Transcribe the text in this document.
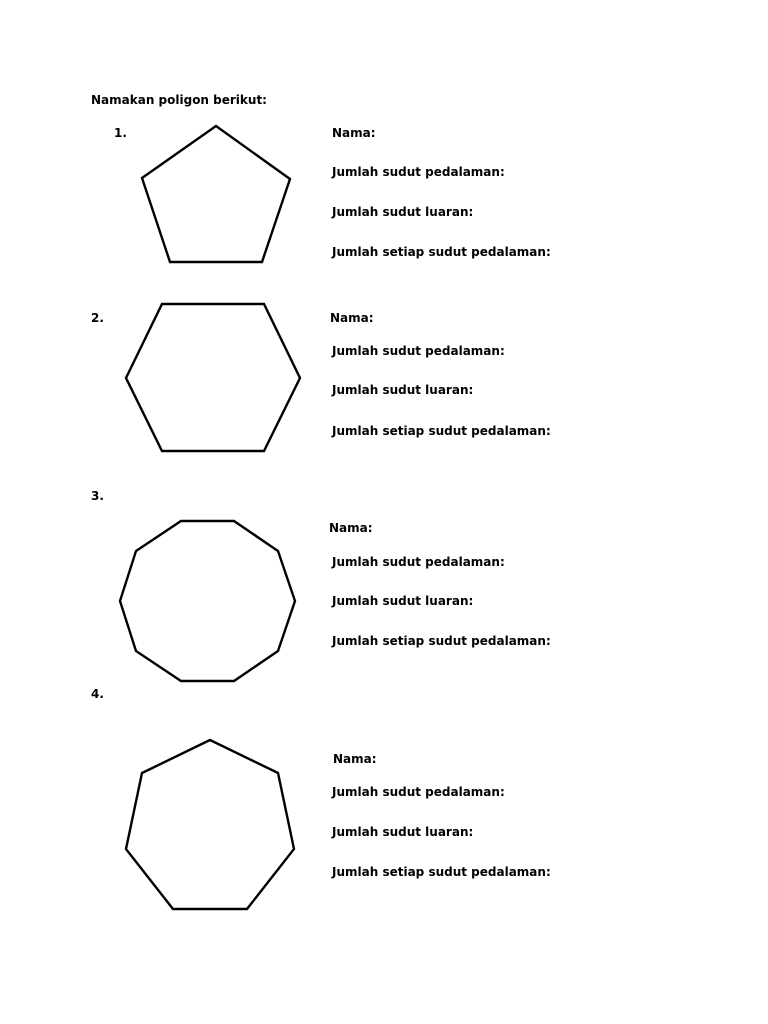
Namakan poligon berikut:
1.	Nama:
Jumlah sudut pedalaman:
Jumlah sudut luaran:
Jumlah setiap sudut pedalaman:
2.	Nama:
Jumlah sudut pedalaman:
Jumlah sudut luaran:
Jumlah setiap sudut pedalaman:
3.
Nama:
Jumlah sudut pedalaman:
Jumlah sudut luaran:
Jumlah setiap sudut pedalaman:
4.
Nama:
Jumlah sudut pedalaman:
Jumlah sudut luaran:
Jumlah setiap sudut pedalaman:
